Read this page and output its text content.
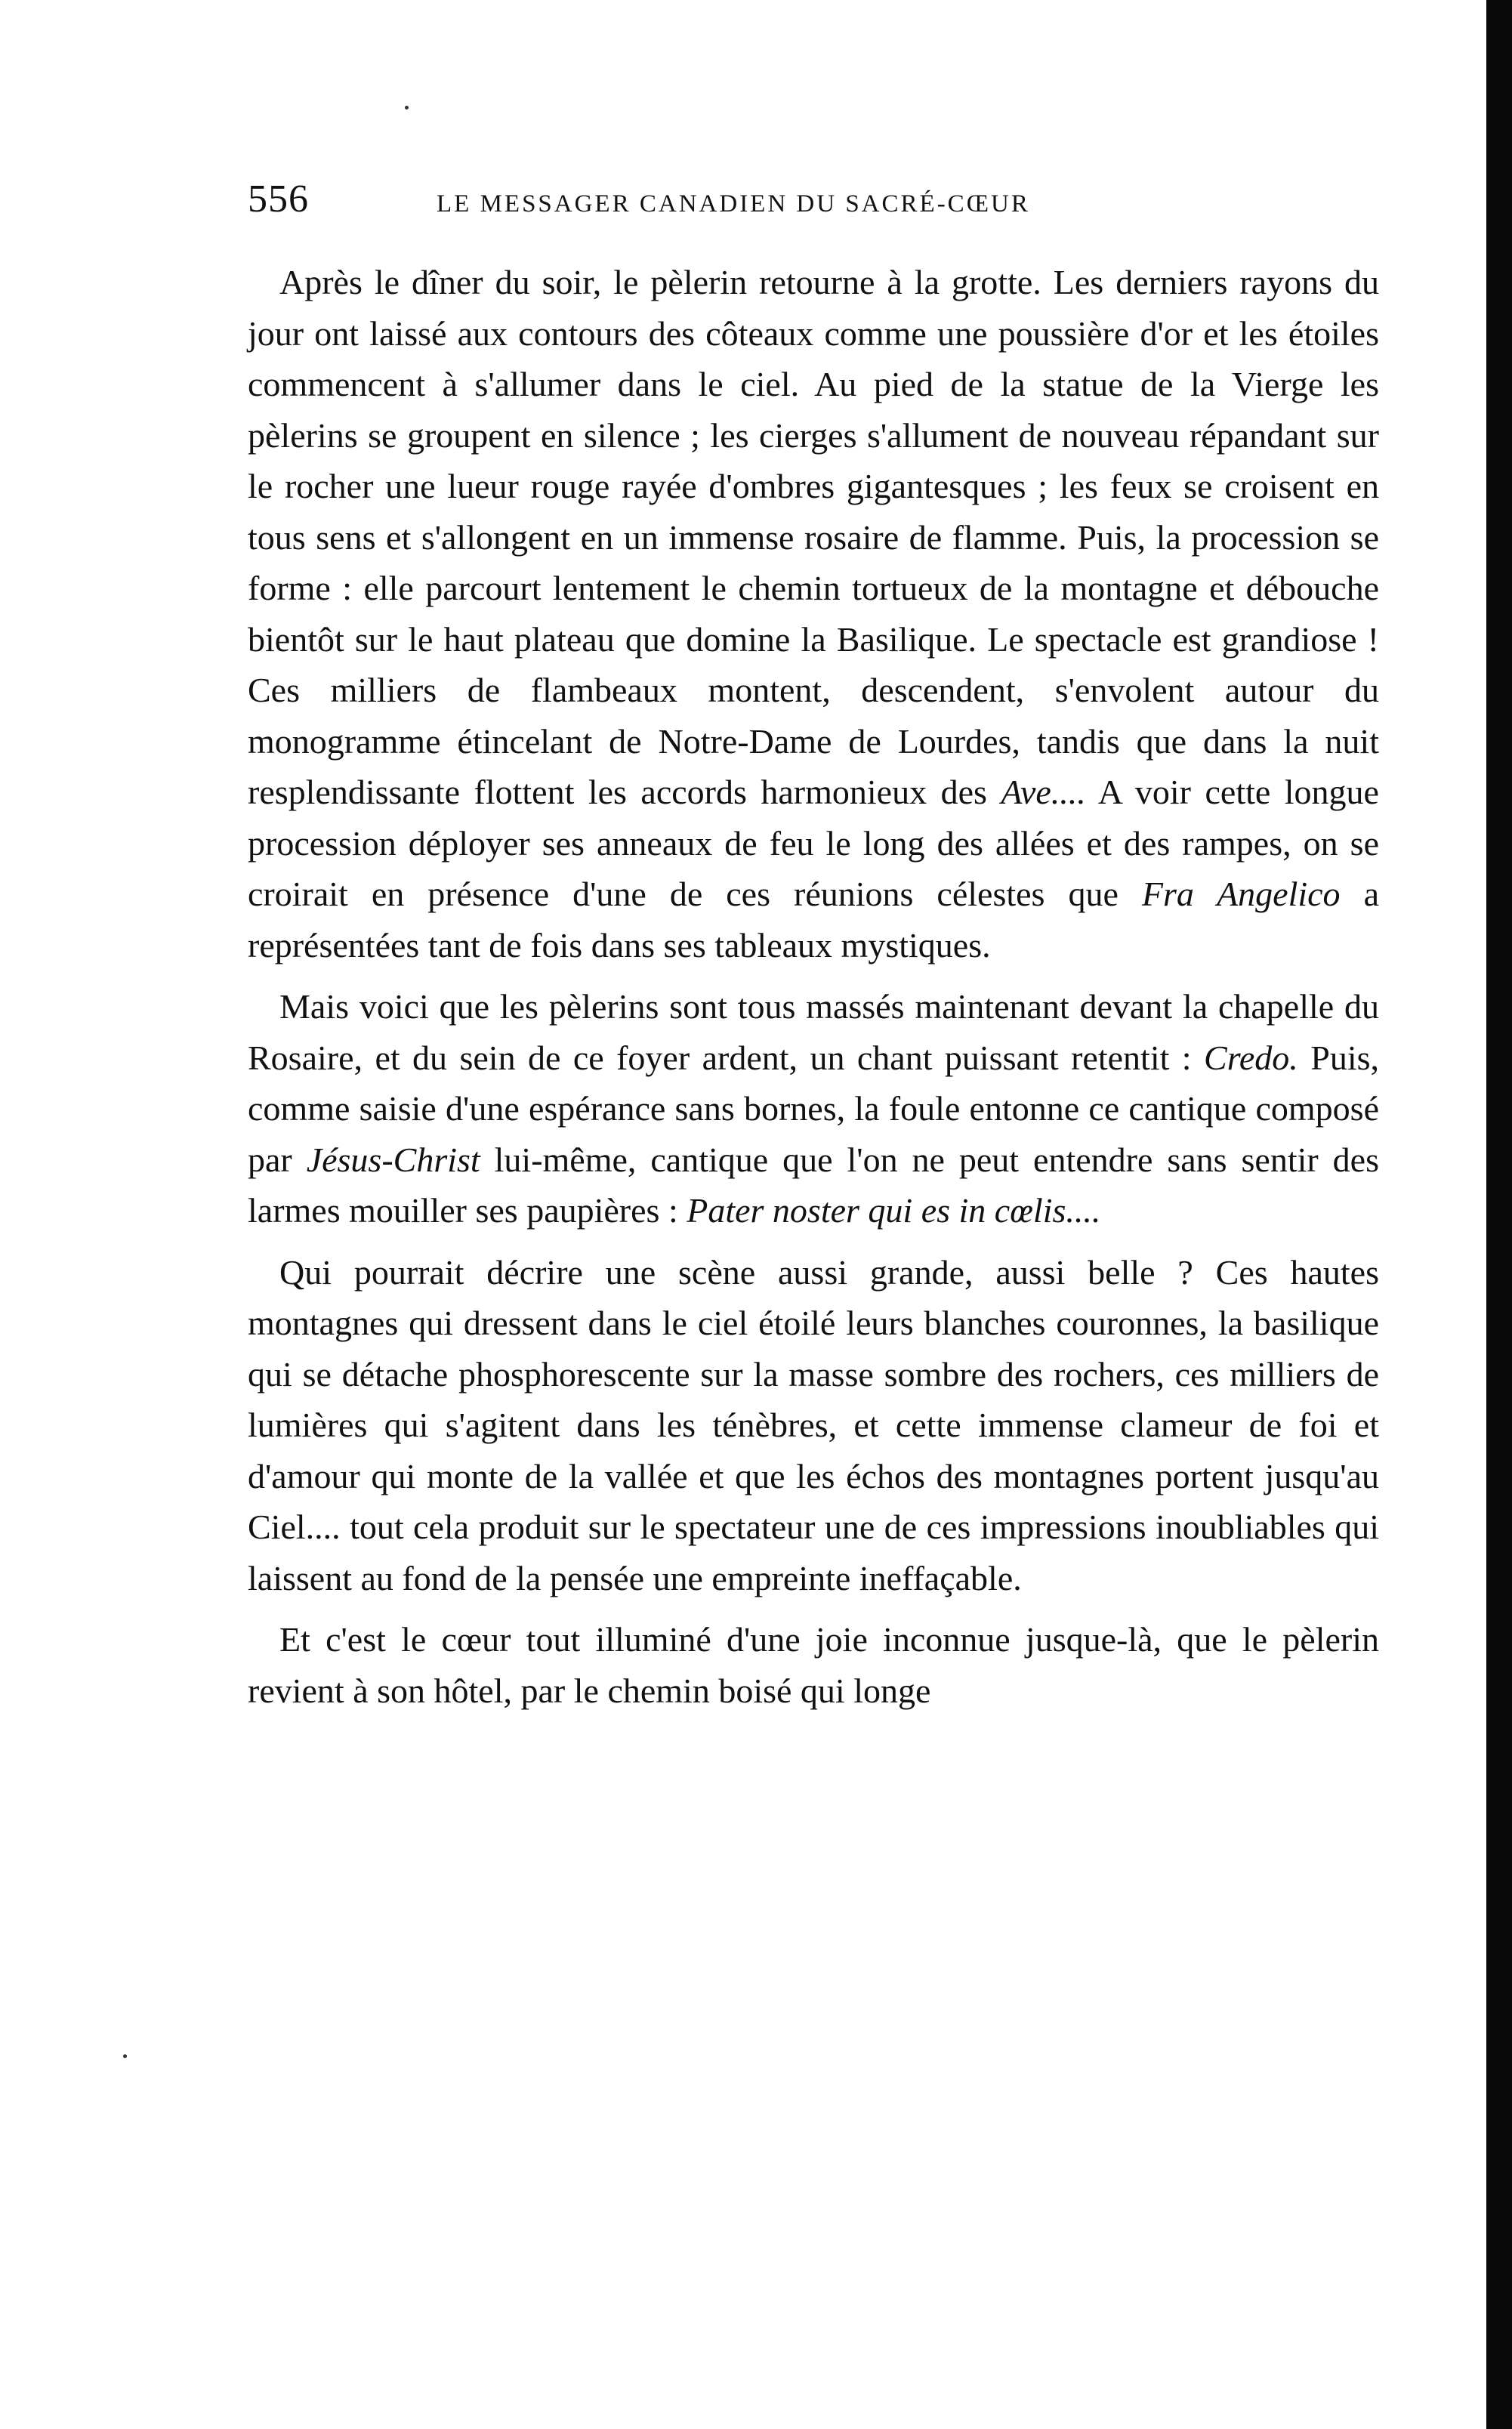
556	LE MESSAGER CANADIEN DU SACRÉ-CŒUR

Après le dîner du soir, le pèlerin retourne à la grotte. Les derniers rayons du jour ont laissé aux contours des côteaux comme une poussière d'or et les étoiles commencent à s'allumer dans le ciel. Au pied de la statue de la Vierge les pèlerins se groupent en silence ; les cierges s'allument de nouveau répandant sur le rocher une lueur rouge rayée d'ombres gigantesques ; les feux se croisent en tous sens et s'allongent en un immense rosaire de flamme. Puis, la procession se forme : elle parcourt lentement le chemin tortueux de la montagne et débouche bientôt sur le haut plateau que domine la Basilique. Le spectacle est grandiose ! Ces milliers de flambeaux montent, descendent, s'envolent autour du monogramme étincelant de Notre-Dame de Lourdes, tandis que dans la nuit resplendissante flottent les accords harmonieux des Ave.... A voir cette longue procession déployer ses anneaux de feu le long des allées et des rampes, on se croirait en présence d'une de ces réunions célestes que Fra Angelico a représentées tant de fois dans ses tableaux mystiques.

Mais voici que les pèlerins sont tous massés maintenant devant la chapelle du Rosaire, et du sein de ce foyer ardent, un chant puissant retentit : Credo. Puis, comme saisie d'une espérance sans bornes, la foule entonne ce cantique composé par Jésus-Christ lui-même, cantique que l'on ne peut entendre sans sentir des larmes mouiller ses paupières : Pater noster qui es in cœlis....

Qui pourrait décrire une scène aussi grande, aussi belle ? Ces hautes montagnes qui dressent dans le ciel étoilé leurs blanches couronnes, la basilique qui se détache phosphorescente sur la masse sombre des rochers, ces milliers de lumières qui s'agitent dans les ténèbres, et cette immense clameur de foi et d'amour qui monte de la vallée et que les échos des montagnes portent jusqu'au Ciel.... tout cela produit sur le spectateur une de ces impressions inoubliables qui laissent au fond de la pensée une empreinte ineffaçable.

Et c'est le cœur tout illuminé d'une joie inconnue jusque-là, que le pèlerin revient à son hôtel, par le chemin boisé qui longe
